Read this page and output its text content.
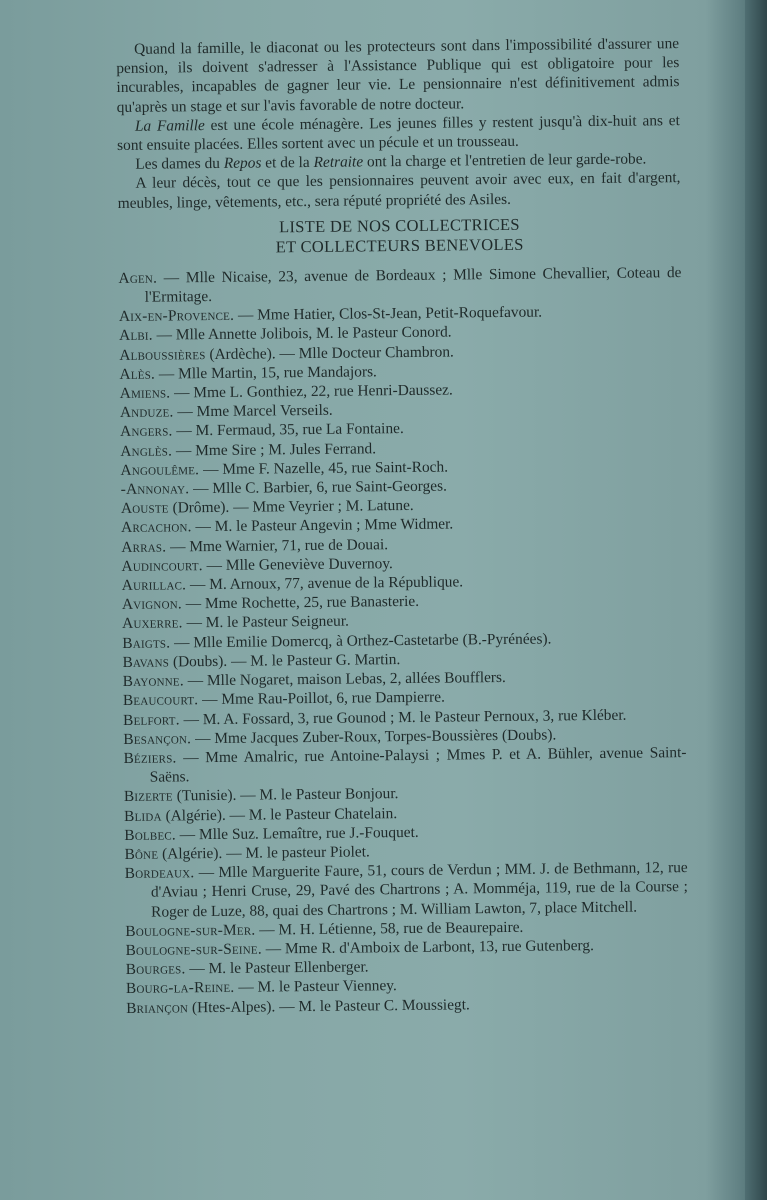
Quand la famille, le diaconat ou les protecteurs sont dans l'impossibilité d'assurer une pension, ils doivent s'adresser à l'Assistance Publique qui est obligatoire pour les incurables, incapables de gagner leur vie. Le pensionnaire n'est définitivement admis qu'après un stage et sur l'avis favorable de notre docteur.

La Famille est une école ménagère. Les jeunes filles y restent jusqu'à dix-huit ans et sont ensuite placées. Elles sortent avec un pécule et un trousseau.

Les dames du Repos et de la Retraite ont la charge et l'entretien de leur garde-robe.

A leur décès, tout ce que les pensionnaires peuvent avoir avec eux, en fait d'argent, meubles, linge, vêtements, etc., sera réputé propriété des Asiles.

LISTE DE NOS COLLECTRICES
ET COLLECTEURS BENEVOLES

Agen. — Mlle Nicaise, 23, avenue de Bordeaux ; Mlle Simone Chevallier, Coteau de l'Ermitage.

Aix-en-Provence. — Mme Hatier, Clos-St-Jean, Petit-Roquefavour.

Albi. — Mlle Annette Jolibois, M. le Pasteur Conord.

Alboussières (Ardèche). — Mlle Docteur Chambron.

Alès. — Mlle Martin, 15, rue Mandajors.

Amiens. — Mme L. Gonthiez, 22, rue Henri-Daussez.

Anduze. — Mme Marcel Verseils.

Angers. — M. Fermaud, 35, rue La Fontaine.

Anglès. — Mme Sire ; M. Jules Ferrand.

Angoulême. — Mme F. Nazelle, 45, rue Saint-Roch.

-Annonay. — Mlle C. Barbier, 6, rue Saint-Georges.

Aouste (Drôme). — Mme Veyrier ; M. Latune.

Arcachon. — M. le Pasteur Angevin ; Mme Widmer.

Arras. — Mme Warnier, 71, rue de Douai.

Audincourt. — Mlle Geneviève Duvernoy.

Aurillac. — M. Arnoux, 77, avenue de la République.

Avignon. — Mme Rochette, 25, rue Banasterie.

Auxerre. — M. le Pasteur Seigneur.

Baigts. — Mlle Emilie Domercq, à Orthez-Castetarbe (B.-Pyrénées).

Bavans (Doubs). — M. le Pasteur G. Martin.

Bayonne. — Mlle Nogaret, maison Lebas, 2, allées Boufflers.

Beaucourt. — Mme Rau-Poillot, 6, rue Dampierre.

Belfort. — M. A. Fossard, 3, rue Gounod ; M. le Pasteur Pernoux, 3, rue Kléber.

Besançon. — Mme Jacques Zuber-Roux, Torpes-Boussières (Doubs).

Béziers. — Mme Amalric, rue Antoine-Palaysi ; Mmes P. et A. Bühler, avenue Saint-Saëns.

Bizerte (Tunisie). — M. le Pasteur Bonjour.

Blida (Algérie). — M. le Pasteur Chatelain.

Bolbec. — Mlle Suz. Lemaître, rue J.-Fouquet.

Bône (Algérie). — M. le pasteur Piolet.

Bordeaux. — Mlle Marguerite Faure, 51, cours de Verdun ; MM. J. de Bethmann, 12, rue d'Aviau ; Henri Cruse, 29, Pavé des Chartrons ; A. Momméja, 119, rue de la Course ; Roger de Luze, 88, quai des Chartrons ; M. William Lawton, 7, place Mitchell.

Boulogne-sur-Mer. — M. H. Létienne, 58, rue de Beaurepaire.

Boulogne-sur-Seine. — Mme R. d'Amboix de Larbont, 13, rue Gutenberg.

Bourges. — M. le Pasteur Ellenberger.

Bourg-la-Reine. — M. le Pasteur Vienney.

Briançon (Htes-Alpes). — M. le Pasteur C. Moussiegt.
